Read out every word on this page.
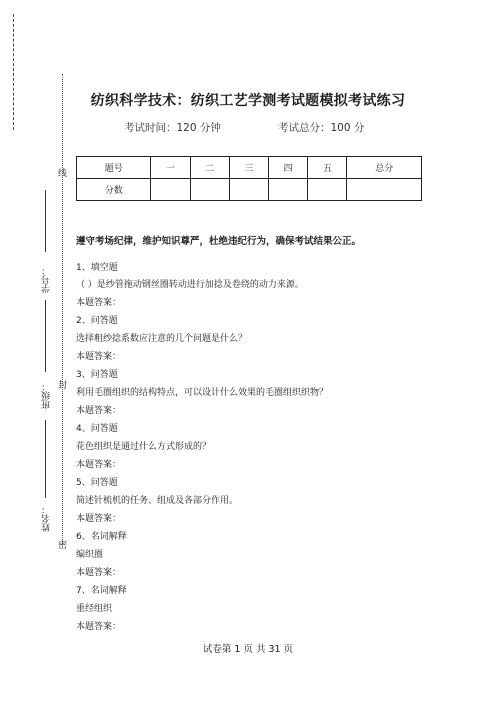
线
学号：
封
班级：
姓名：
密
纺织科学技术：纺织工艺学测考试题模拟考试练习
考试时间：120 分钟	考试总分：100 分
题号	一	二	三	四	五	总分
分数						
遵守考场纪律，维护知识尊严，杜绝违纪行为，确保考试结果公正。
1、填空题
（ ）是纱管拖动钢丝圈转动进行加捻及卷绕的动力来源。
本题答案：
2、问答题
选择粗纱捻系数应注意的几个问题是什么？
本题答案：
3、问答题
利用毛圈组织的结构特点，可以设计什么效果的毛圈组织织物？
本题答案：
4、问答题
花色组织是通过什么方式形成的？
本题答案：
5、问答题
简述针梳机的任务、组成及各部分作用。
本题答案：
6、名词解释
编织圈
本题答案：
7、名词解释
重经组织
本题答案：
试卷第 1 页 共 31 页
